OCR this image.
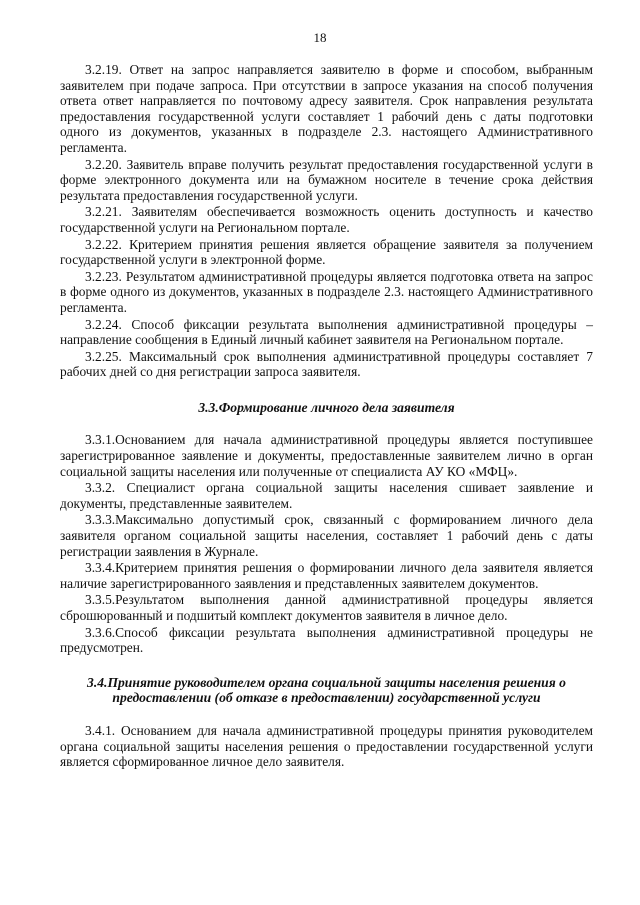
18

3.2.19. Ответ на запрос направляется заявителю в форме и способом, выбранным заявителем при подаче запроса. При отсутствии в запросе указания на способ получения ответа ответ направляется по почтовому адресу заявителя. Срок направления результата предоставления государственной услуги составляет 1 рабочий день с даты подготовки одного из документов, указанных в подразделе 2.3. настоящего Административного регламента.

3.2.20. Заявитель вправе получить результат предоставления государственной услуги в форме электронного документа или на бумажном носителе в течение срока действия результата предоставления государственной услуги.

3.2.21. Заявителям обеспечивается возможность оценить доступность и качество государственной услуги на Региональном портале.

3.2.22. Критерием принятия решения является обращение заявителя за получением государственной услуги в электронной форме.

3.2.23. Результатом административной процедуры является подготовка ответа на запрос в форме одного из документов, указанных в подразделе 2.3. настоящего Административного регламента.

3.2.24. Способ фиксации результата выполнения административной процедуры – направление сообщения в Единый личный кабинет заявителя на Региональном портале.

3.2.25. Максимальный срок выполнения административной процедуры составляет 7 рабочих дней со дня регистрации запроса заявителя.

3.3.Формирование личного дела заявителя

3.3.1.Основанием для начала административной процедуры является поступившее зарегистрированное заявление и документы, предоставленные заявителем лично в орган социальной защиты населения или полученные от специалиста АУ КО «МФЦ».

3.3.2. Специалист органа социальной защиты населения сшивает заявление и документы, представленные заявителем.

3.3.3.Максимально допустимый срок, связанный с формированием личного дела заявителя органом социальной защиты населения, составляет 1 рабочий день с даты регистрации заявления в Журнале.

3.3.4.Критерием принятия решения о формировании личного дела заявителя является наличие зарегистрированного заявления и представленных заявителем документов.

3.3.5.Результатом выполнения данной административной процедуры является сброшюрованный и подшитый комплект документов заявителя в личное дело.

3.3.6.Способ фиксации результата выполнения административной процедуры не предусмотрен.

3.4.Принятие руководителем органа социальной защиты населения решения о предоставлении (об отказе в предоставлении) государственной услуги

3.4.1. Основанием для начала административной процедуры принятия руководителем органа социальной защиты населения решения о предоставлении государственной услуги является сформированное личное дело заявителя.
